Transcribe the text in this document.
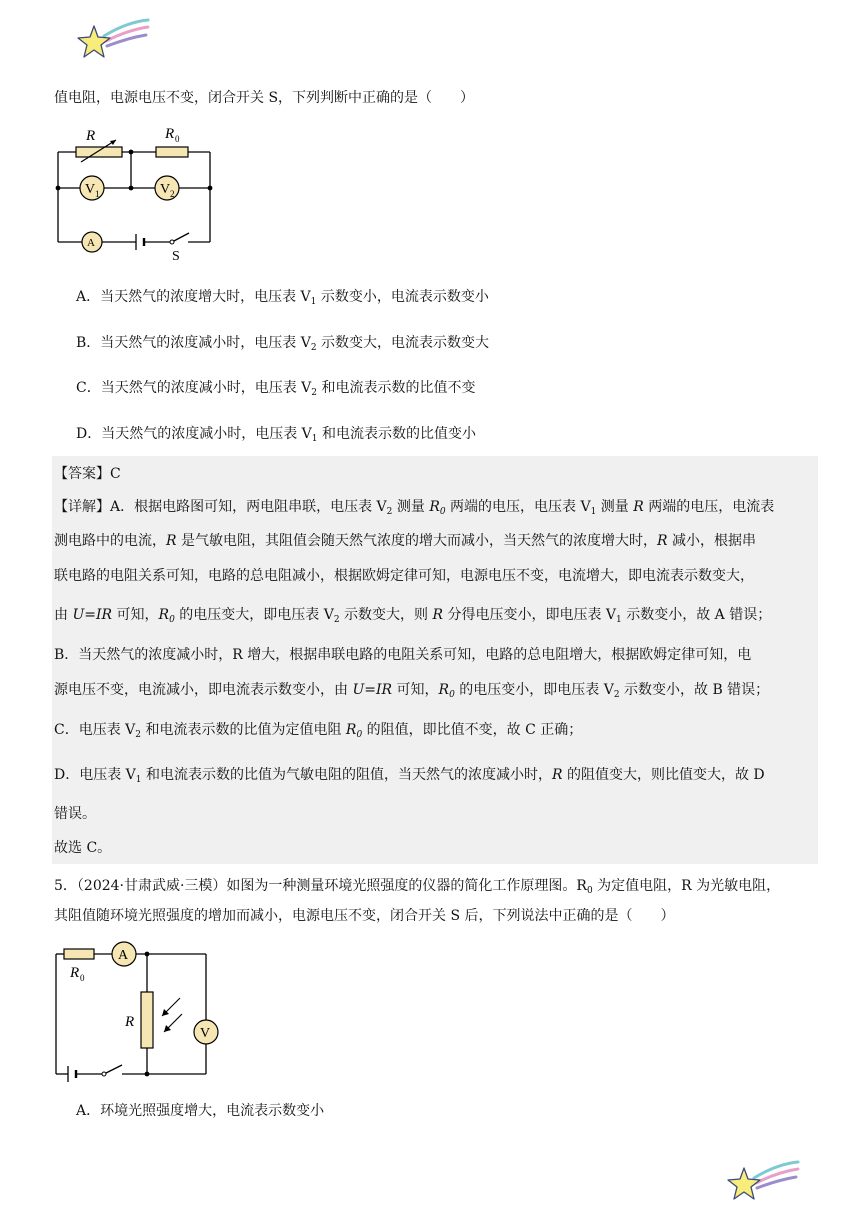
值电阻，电源电压不变，闭合开关 S，下列判断中正确的是（　　）
R	R 0
V 1	V 2
A
S
A．当天然气的浓度增大时，电压表 $V_1$ 示数变小，电流表示数变小
B．当天然气的浓度减小时，电压表 $V_2$ 示数变大，电流表示数变大
C．当天然气的浓度减小时，电压表 $V_2$ 和电流表示数的比值不变
D．当天然气的浓度减小时，电压表 $V_1$ 和电流表示数的比值变小
【答案】C
【详解】A．根据电路图可知，两电阻串联，电压表 $V_2$ 测量 $R_0$ 两端的电压，电压表 $V_1$ 测量 R 两端的电压，电流表
测电路中的电流，R 是气敏电阻，其阻值会随天然气浓度的增大而减小，当天然气的浓度增大时，R 减小，根据串
联电路的电阻关系可知，电路的总电阻减小，根据欧姆定律可知，电源电压不变，电流增大，即电流表示数变大，
由 U=IR 可知，$R_0$ 的电压变大，即电压表 $V_2$ 示数变大，则 R 分得电压变小，即电压表 $V_1$ 示数变小，故 A 错误；
B．当天然气的浓度减小时，R 增大，根据串联电路的电阻关系可知，电路的总电阻增大，根据欧姆定律可知，电
源电压不变，电流减小，即电流表示数变小，由 U=IR 可知，$R_0$ 的电压变小，即电压表 $V_2$ 示数变小，故 B 错误；
C．电压表 $V_2$ 和电流表示数的比值为定值电阻 $R_0$ 的阻值，即比值不变，故 C 正确；
D．电压表 $V_1$ 和电流表示数的比值为气敏电阻的阻值，当天然气的浓度减小时，R 的阻值变大，则比值变大，故 D
错误。
故选 C。
5．（2024·甘肃武威·三模）如图为一种测量环境光照强度的仪器的简化工作原理图。$R_0$ 为定值电阻，R 为光敏电阻，
其阻值随环境光照强度的增加而减小，电源电压不变，闭合开关 S 后，下列说法中正确的是（　　）
R 0
A
R
V
A．环境光照强度增大，电流表示数变小
